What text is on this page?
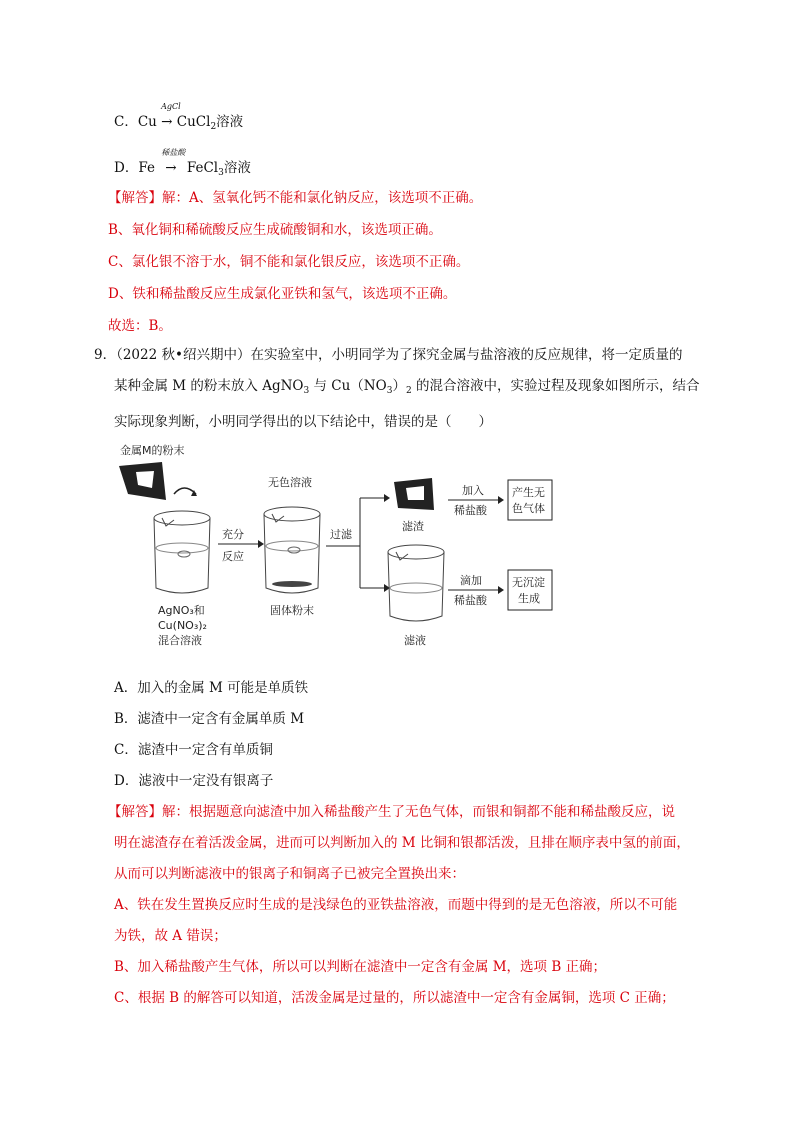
C．Cu
AgCl
→ CuCl$_2$溶液
D．Fe
稀盐酸
→ FeCl$_3$溶液
【解答】解：A、氢氧化钙不能和氯化钠反应，该选项不正确。
B、氧化铜和稀硫酸反应生成硫酸铜和水，该选项正确。
C、氯化银不溶于水，铜不能和氯化银反应，该选项不正确。
D、铁和稀盐酸反应生成氯化亚铁和氢气，该选项不正确。
故选：B。
9．（2022 秋•绍兴期中）在实验室中，小明同学为了探究金属与盐溶液的反应规律，将一定质量的
某种金属 M 的粉末放入 AgNO$_3$ 与 $Cu(NO_3)_2$ 的混合溶液中，实验过程及现象如图所示，结合
实际现象判断，小明同学得出的以下结论中，错误的是（　　）
金属M的粉末
AgNO₃和
Cu(NO₃)₂
混合溶液
充分
反应
无色溶液
固体粉末
过滤
滤渣
加入
稀盐酸
产生无
色气体
滤液
滴加
稀盐酸
无沉淀
生成
A．加入的金属 M 可能是单质铁
B．滤渣中一定含有金属单质 M
C．滤渣中一定含有单质铜
D．滤液中一定没有银离子
【解答】解：根据题意向滤渣中加入稀盐酸产生了无色气体，而银和铜都不能和稀盐酸反应，说
明在滤渣存在着活泼金属，进而可以判断加入的 M 比铜和银都活泼，且排在顺序表中氢的前面，
从而可以判断滤液中的银离子和铜离子已被完全置换出来：
A、铁在发生置换反应时生成的是浅绿色的亚铁盐溶液，而题中得到的是无色溶液，所以不可能
为铁，故 A 错误；
B、加入稀盐酸产生气体，所以可以判断在滤渣中一定含有金属 M，选项 B 正确；
C、根据 B 的解答可以知道，活泼金属是过量的，所以滤渣中一定含有金属铜，选项 C 正确；
